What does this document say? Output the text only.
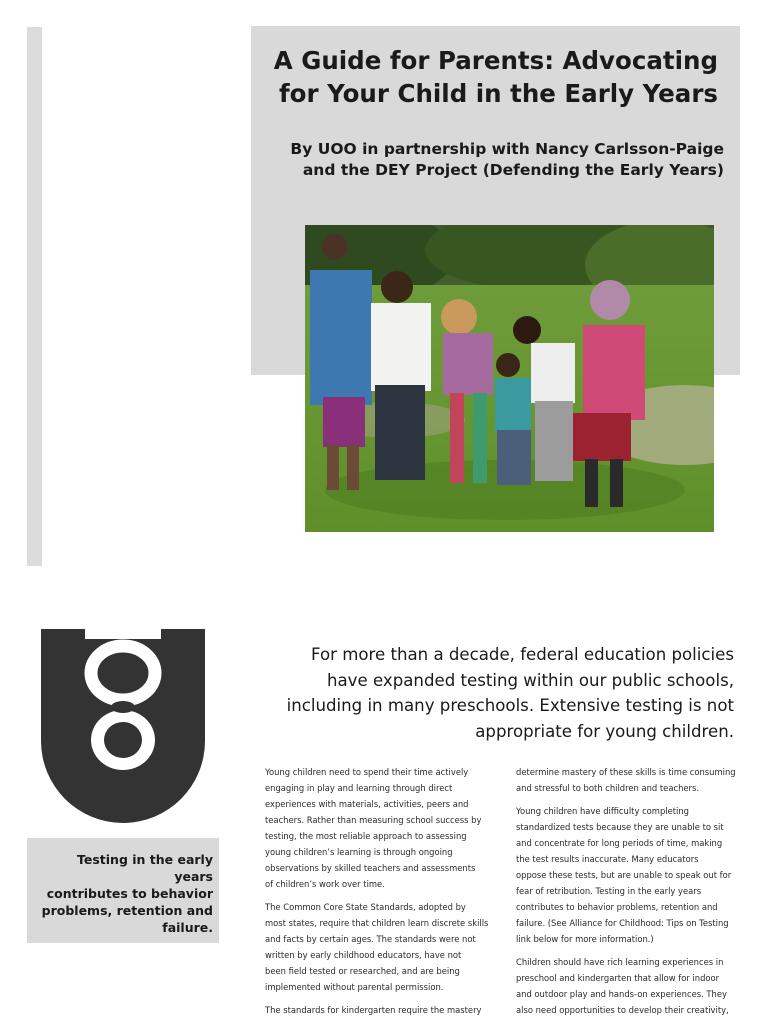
A Guide for Parents: Advocating
for Your Child in the Early Years

By UOO in partnership with Nancy Carlsson-Paige
and the DEY Project (Defending the Early Years)

Testing in the early years
contributes to behavior
problems, retention and
failure.

For more than a decade, federal education policies
have expanded testing within our public schools,
including in many preschools. Extensive testing is not
appropriate for young children.

Young children need to spend their time actively
engaging in play and learning through direct
experiences with materials, activities, peers and
teachers. Rather than measuring school success by
testing, the most reliable approach to assessing
young children’s learning is through ongoing
observations by skilled teachers and assessments
of children’s work over time.

The Common Core State Standards, adopted by
most states, require that children learn discrete skills
and facts by certain ages. The standards were not
written by early childhood educators, have not
been field tested or researched, and are being
implemented without parental permission.

The standards for kindergarten require the mastery

determine mastery of these skills is time consuming
and stressful to both children and teachers.

Young children have difficulty completing
standardized tests because they are unable to sit
and concentrate for long periods of time, making
the test results inaccurate. Many educators
oppose these tests, but are unable to speak out for
fear of retribution. Testing in the early years
contributes to behavior problems, retention and
failure. (See Alliance for Childhood: Tips on Testing
link below for more information.)

Children should have rich learning experiences in
preschool and kindergarten that allow for indoor
and outdoor play and hands-on experiences. They
also need opportunities to develop their creativity,
